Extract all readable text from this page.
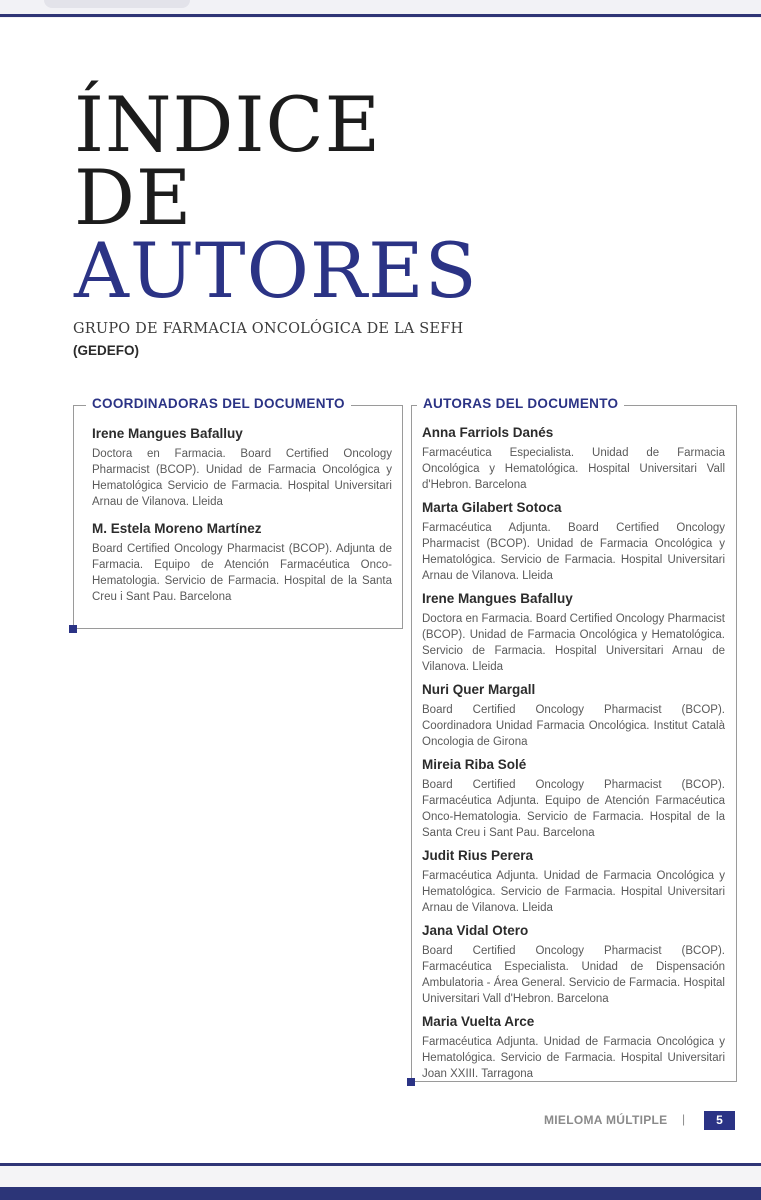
ÍNDICE
DE
AUTORES
GRUPO DE FARMACIA ONCOLÓGICA DE LA SEFH
(GEDEFO)
COORDINADORAS DEL DOCUMENTO

Irene Mangues Bafalluy

Doctora en Farmacia. Board Certified Oncology Pharmacist (BCOP). Unidad de Farmacia Oncológica y Hematológica Servicio de Farmacia. Hospital Universitari Arnau de Vilanova. Lleida

M. Estela Moreno Martínez

Board Certified Oncology Pharmacist (BCOP). Adjunta de Farmacia. Equipo de Atención Farmacéutica Onco-Hematologia. Servicio de Farmacia. Hospital de la Santa Creu i Sant Pau. Barcelona

AUTORAS DEL DOCUMENTO

Anna Farriols Danés

Farmacéutica Especialista. Unidad de Farmacia Oncológica y Hematológica. Hospital Universitari Vall d'Hebron. Barcelona

Marta Gilabert Sotoca

Farmacéutica Adjunta. Board Certified Oncology Pharmacist (BCOP). Unidad de Farmacia Oncológica y Hematológica. Servicio de Farmacia. Hospital Universitari Arnau de Vilanova. Lleida

Irene Mangues Bafalluy

Doctora en Farmacia. Board Certified Oncology Pharmacist (BCOP). Unidad de Farmacia Oncológica y Hematológica. Servicio de Farmacia. Hospital Universitari Arnau de Vilanova. Lleida

Nuri Quer Margall

Board Certified Oncology Pharmacist (BCOP). Coordinadora Unidad Farmacia Oncológica. Institut Català Oncologia de Girona

Mireia Riba Solé

Board Certified Oncology Pharmacist (BCOP). Farmacéutica Adjunta. Equipo de Atención Farmacéutica Onco-Hematologia. Servicio de Farmacia. Hospital de la Santa Creu i Sant Pau. Barcelona

Judit Rius Perera

Farmacéutica Adjunta. Unidad de Farmacia Oncológica y Hematológica. Servicio de Farmacia. Hospital Universitari Arnau de Vilanova. Lleida

Jana Vidal Otero

Board Certified Oncology Pharmacist (BCOP). Farmacéutica Especialista. Unidad de Dispensación Ambulatoria - Área General. Servicio de Farmacia. Hospital Universitari Vall d'Hebron. Barcelona

Maria Vuelta Arce

Farmacéutica Adjunta. Unidad de Farmacia Oncológica y Hematológica. Servicio de Farmacia. Hospital Universitari Joan XXIII. Tarragona

MIELOMA MÚLTIPLE |	5
